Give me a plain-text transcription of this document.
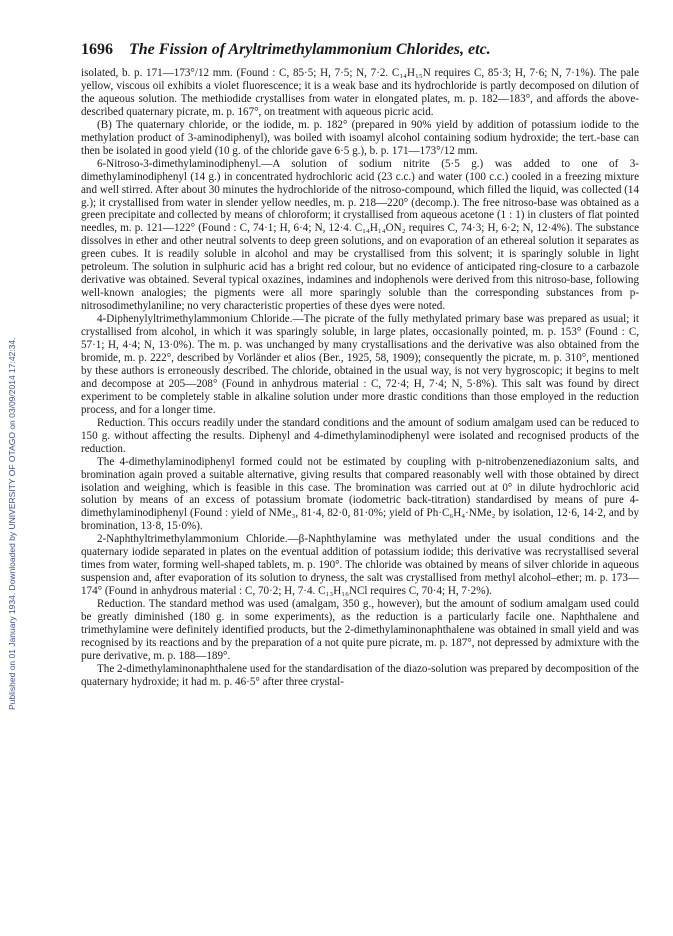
1696 The Fission of Aryltrimethylammonium Chlorides, etc.
Published on 01 January 1934. Downloaded by UNIVERSITY OF OTAGO on 03/09/2014 17:42:34.

isolated, b. p. 171—173°/12 mm. (Found : C, 85·5; H, 7·5; N, 7·2. C₁₄H₁₅N requires C, 85·3; H, 7·6; N, 7·1%). The pale yellow, viscous oil exhibits a violet fluorescence; it is a weak base and its hydrochloride is partly decomposed on dilution of the aqueous solution. The methiodide crystallises from water in elongated plates, m. p. 182—183°, and affords the above-described quaternary picrate, m. p. 167°, on treatment with aqueous picric acid.

(B) The quaternary chloride, or the iodide, m. p. 182° (prepared in 90% yield by addition of potassium iodide to the methylation product of 3-aminodiphenyl), was boiled with isoamyl alcohol containing sodium hydroxide; the tert.-base can then be isolated in good yield (10 g. of the chloride gave 6·5 g.), b. p. 171—173°/12 mm.

6-Nitroso-3-dimethylaminodiphenyl.—A solution of sodium nitrite (5·5 g.) was added to one of 3-dimethylaminodiphenyl (14 g.) in concentrated hydrochloric acid (23 c.c.) and water (100 c.c.) cooled in a freezing mixture and well stirred. After about 30 minutes the hydrochloride of the nitroso-compound, which filled the liquid, was collected (14 g.); it crystallised from water in slender yellow needles, m. p. 218—220° (decomp.). The free nitroso-base was obtained as a green precipitate and collected by means of chloroform; it crystallised from aqueous acetone (1 : 1) in clusters of flat pointed needles, m. p. 121—122° (Found : C, 74·1; H, 6·4; N, 12·4. C₁₄H₁₄ON₂ requires C, 74·3; H, 6·2; N, 12·4%). The substance dissolves in ether and other neutral solvents to deep green solutions, and on evaporation of an ethereal solution it separates as green cubes. It is readily soluble in alcohol and may be crystallised from this solvent; it is sparingly soluble in light petroleum. The solution in sulphuric acid has a bright red colour, but no evidence of anticipated ring-closure to a carbazole derivative was obtained. Several typical oxazines, indamines and indophenols were derived from this nitroso-base, following well-known analogies; the pigments were all more sparingly soluble than the corresponding substances from p-nitrosodimethylaniline; no very characteristic properties of these dyes were noted.

4-Diphenylyltrimethylammonium Chloride.—The picrate of the fully methylated primary base was prepared as usual; it crystallised from alcohol, in which it was sparingly soluble, in large plates, occasionally pointed, m. p. 153° (Found : C, 57·1; H, 4·4; N, 13·0%). The m. p. was unchanged by many crystallisations and the derivative was also obtained from the bromide, m. p. 222°, described by Vorländer et alios (Ber., 1925, 58, 1909); consequently the picrate, m. p. 310°, mentioned by these authors is erroneously described. The chloride, obtained in the usual way, is not very hygroscopic; it begins to melt and decompose at 205—208° (Found in anhydrous material : C, 72·4; H, 7·4; N, 5·8%). This salt was found by direct experiment to be completely stable in alkaline solution under more drastic conditions than those employed in the reduction process, and for a longer time.

Reduction. This occurs readily under the standard conditions and the amount of sodium amalgam used can be reduced to 150 g. without affecting the results. Diphenyl and 4-dimethylaminodiphenyl were isolated and recognised products of the reduction.

The 4-dimethylaminodiphenyl formed could not be estimated by coupling with p-nitrobenzenediazonium salts, and bromination again proved a suitable alternative, giving results that compared reasonably well with those obtained by direct isolation and weighing, which is feasible in this case. The bromination was carried out at 0° in dilute hydrochloric acid solution by means of an excess of potassium bromate (iodometric back-titration) standardised by means of pure 4-dimethylaminodiphenyl (Found : yield of NMe₃, 81·4, 82·0, 81·0%; yield of Ph·C₆H₄·NMe₂ by isolation, 12·6, 14·2, and by bromination, 13·8, 15·0%).

2-Naphthyltrimethylammonium Chloride.—β-Naphthylamine was methylated under the usual conditions and the quaternary iodide separated in plates on the eventual addition of potassium iodide; this derivative was recrystallised several times from water, forming well-shaped tablets, m. p. 190°. The chloride was obtained by means of silver chloride in aqueous suspension and, after evaporation of its solution to dryness, the salt was crystallised from methyl alcohol–ether; m. p. 173—174° (Found in anhydrous material : C, 70·2; H, 7·4. C₁₃H₁₆NCl requires C, 70·4; H, 7·2%).

Reduction. The standard method was used (amalgam, 350 g., however), but the amount of sodium amalgam used could be greatly diminished (180 g. in some experiments), as the reduction is a particularly facile one. Naphthalene and trimethylamine were definitely identified products, but the 2-dimethylaminonaphthalene was obtained in small yield and was recognised by its reactions and by the preparation of a not quite pure picrate, m. p. 187°, not depressed by admixture with the pure derivative, m. p. 188—189°.

The 2-dimethylaminonaphthalene used for the standardisation of the diazo-solution was prepared by decomposition of the quaternary hydroxide; it had m. p. 46·5° after three crystal-
